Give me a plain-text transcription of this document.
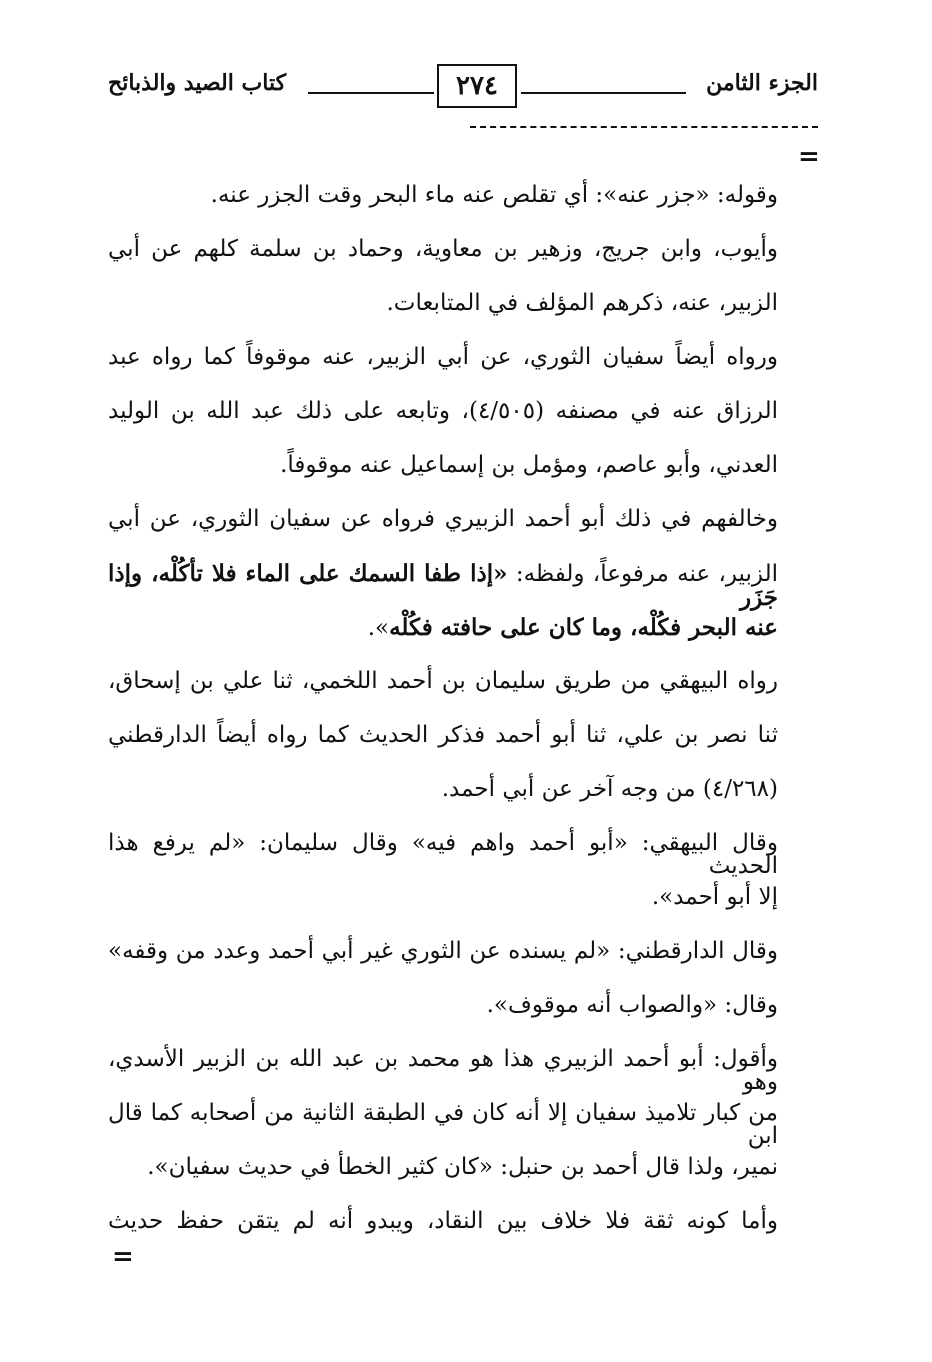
الجزء الثامن
٢٧٤
كتاب الصيد والذبائح
=
وقوله: «جزر عنه»: أي تقلص عنه ماء البحر وقت الجزر عنه.
وأيوب، وابن جريج، وزهير بن معاوية، وحماد بن سلمة كلهم عن أبي
الزبير، عنه، ذكرهم المؤلف في المتابعات.
ورواه أيضاً سفيان الثوري، عن أبي الزبير، عنه موقوفاً كما رواه عبد
الرزاق عنه في مصنفه (٤/٥٠٥)، وتابعه على ذلك عبد الله بن الوليد
العدني، وأبو عاصم، ومؤمل بن إسماعيل عنه موقوفاً.
وخالفهم في ذلك أبو أحمد الزبيري فرواه عن سفيان الثوري، عن أبي
الزبير، عنه مرفوعاً، ولفظه: «إذا طفا السمك على الماء فلا تأكُلْه، وإذا جَزَر
عنه البحر فكُلْه، وما كان على حافته فكُلْه».
رواه البيهقي من طريق سليمان بن أحمد اللخمي، ثنا علي بن إسحاق،
ثنا نصر بن علي، ثنا أبو أحمد فذكر الحديث كما رواه أيضاً الدارقطني
(٤/٢٦٨) من وجه آخر عن أبي أحمد.
وقال البيهقي: «أبو أحمد واهم فيه» وقال سليمان: «لم يرفع هذا الحديث
إلا أبو أحمد».
وقال الدارقطني: «لم يسنده عن الثوري غير أبي أحمد وعدد من وقفه»
وقال: «والصواب أنه موقوف».
وأقول: أبو أحمد الزبيري هذا هو محمد بن عبد الله بن الزبير الأسدي، وهو
من كبار تلاميذ سفيان إلا أنه كان في الطبقة الثانية من أصحابه كما قال ابن
نمير، ولذا قال أحمد بن حنبل: «كان كثير الخطأ في حديث سفيان».
وأما كونه ثقة فلا خلاف بين النقاد، ويبدو أنه لم يتقن حفظ حديث
=
